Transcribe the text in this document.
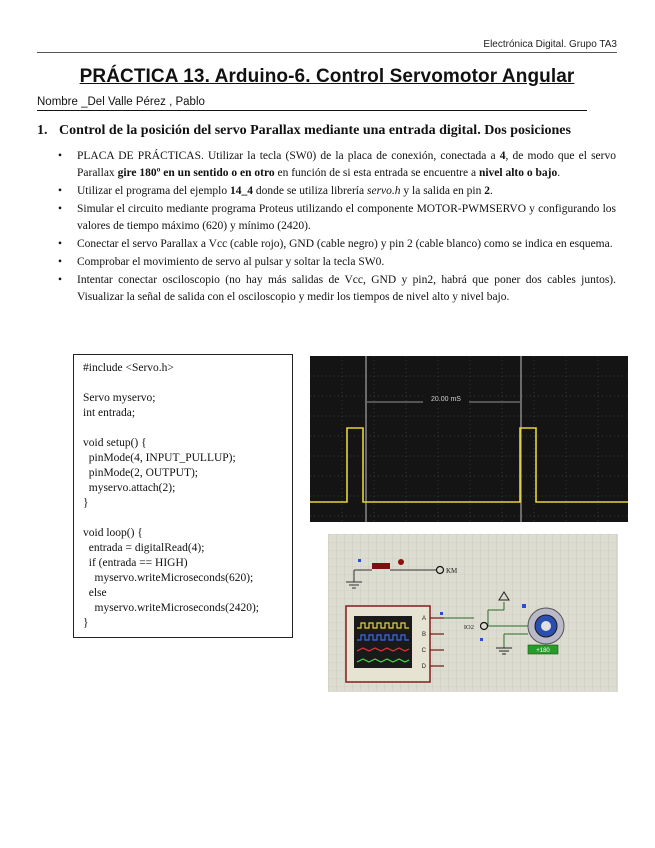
Electrónica Digital. Grupo TA3
PRÁCTICA 13. Arduino-6. Control Servomotor Angular
Nombre _Del Valle Pérez , Pablo
1. Control de la posición del servo Parallax mediante una entrada digital. Dos posiciones
• PLACA DE PRÁCTICAS. Utilizar la tecla (SW0) de la placa de conexión, conectada a 4, de modo que el servo Parallax gire 180º en un sentido o en otro en función de si esta entrada se encuentre a nivel alto o bajo.
• Utilizar el programa del ejemplo 14_4 donde se utiliza librería servo.h y la salida en pin 2.
• Simular el circuito mediante programa Proteus utilizando el componente MOTOR-PWMSERVO y configurando los valores de tiempo máximo (620) y mínimo (2420).
• Conectar el servo Parallax a Vcc (cable rojo), GND (cable negro) y pin 2 (cable blanco) como se indica en esquema.
• Comprobar el movimiento de servo al pulsar y soltar la tecla SW0.
• Intentar conectar osciloscopio (no hay más salidas de Vcc, GND y pin2, habrá que poner dos cables juntos). Visualizar la señal de salida con el osciloscopio y medir los tiempos de nivel alto y nivel bajo.
#include <Servo.h>

Servo myservo;
int entrada;

void setup() {
pinMode(4, INPUT_PULLUP);
pinMode(2, OUTPUT);
myservo.attach(2);
}

void loop() {
entrada = digitalRead(4);
if (entrada == HIGH)
myservo.writeMicroseconds(620);
else
myservo.writeMicroseconds(2420);
}
20.00 mS
KM
A
B
C
D
IO2
+180
